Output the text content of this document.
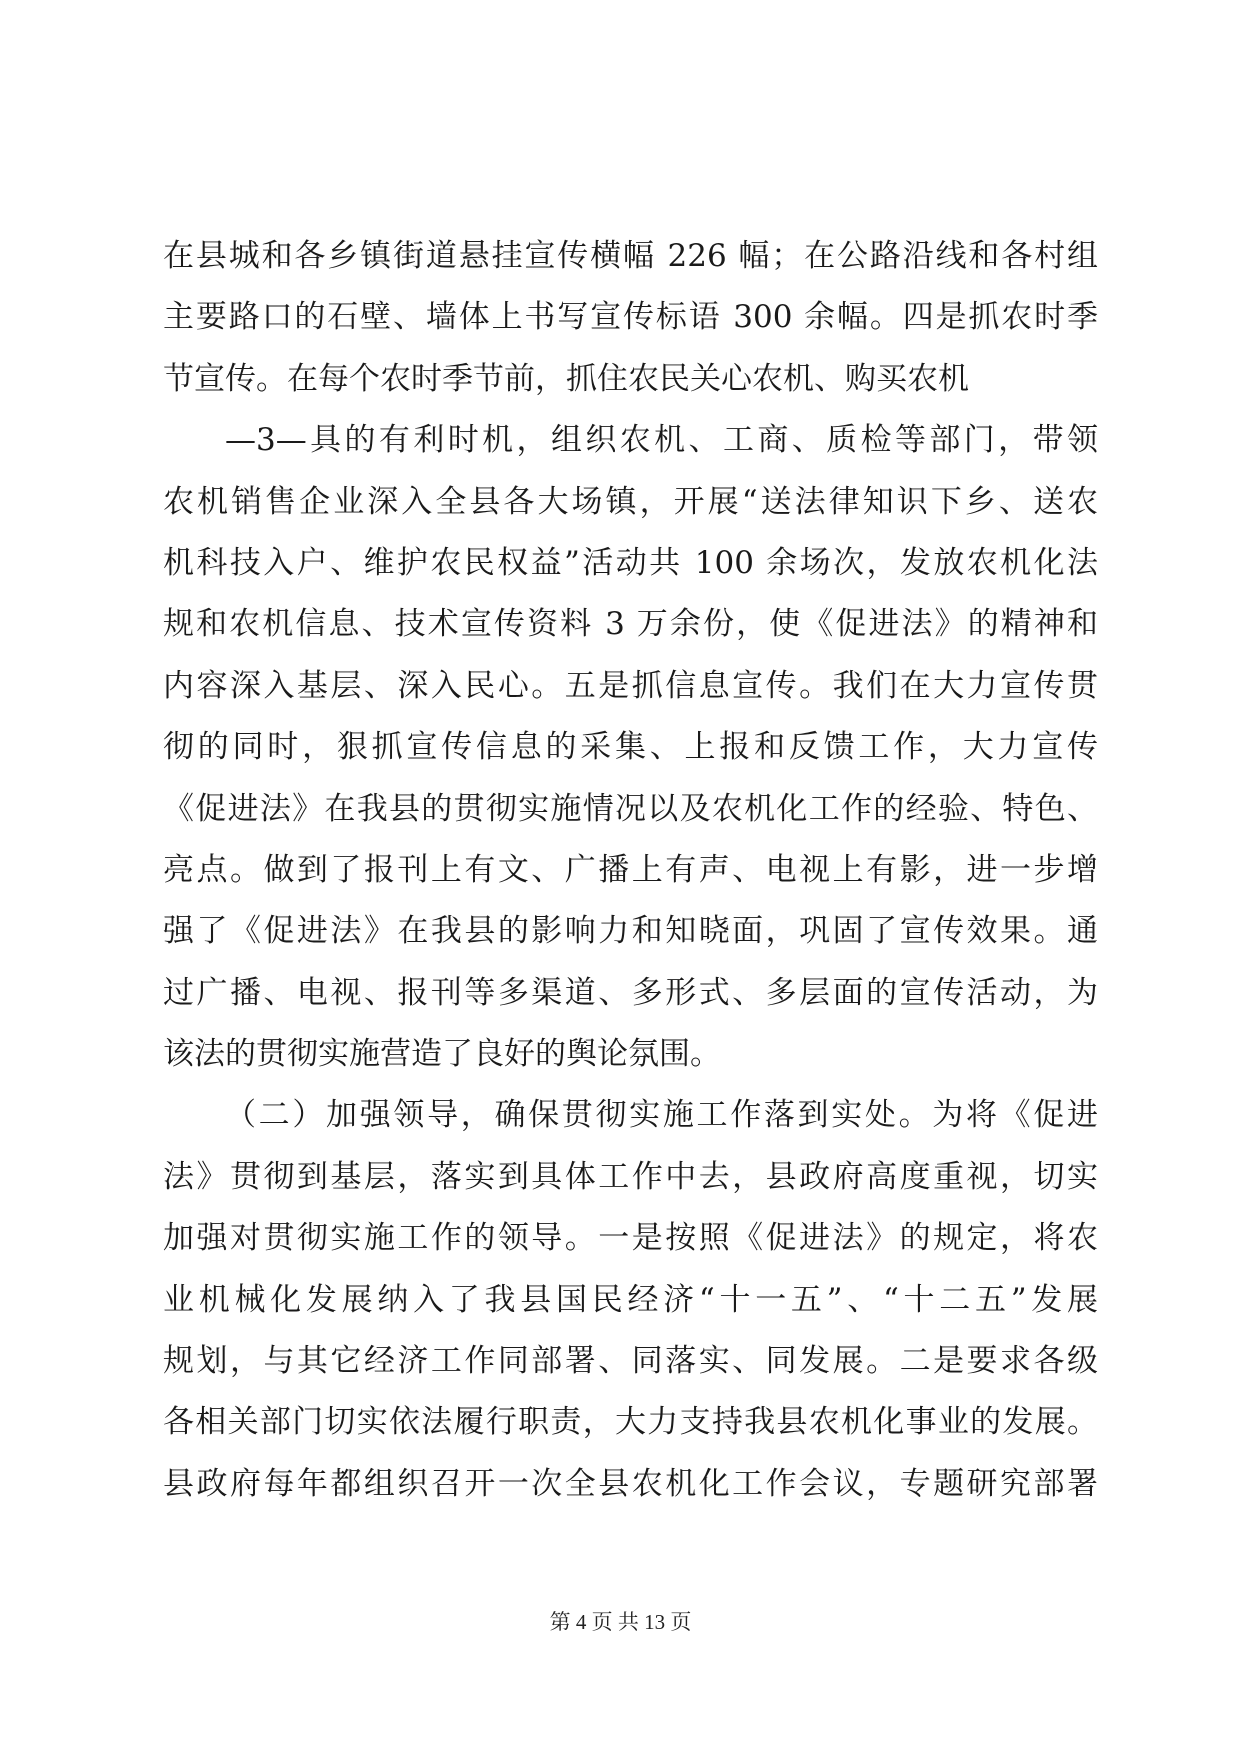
在县城和各乡镇街道悬挂宣传横幅 226 幅；在公路沿线和各村组
主要路口的石壁、墙体上书写宣传标语 300 余幅。四是抓农时季
节宣传。在每个农时季节前，抓住农民关心农机、购买农机
—3—具的有利时机，组织农机、工商、质检等部门，带领
农机销售企业深入全县各大场镇，开展“送法律知识下乡、送农
机科技入户、维护农民权益”活动共 100 余场次，发放农机化法
规和农机信息、技术宣传资料 3 万余份，使《促进法》的精神和
内容深入基层、深入民心。五是抓信息宣传。我们在大力宣传贯
彻的同时，狠抓宣传信息的采集、上报和反馈工作，大力宣传
《促进法》在我县的贯彻实施情况以及农机化工作的经验、特色、
亮点。做到了报刊上有文、广播上有声、电视上有影，进一步增
强了《促进法》在我县的影响力和知晓面，巩固了宣传效果。通
过广播、电视、报刊等多渠道、多形式、多层面的宣传活动，为
该法的贯彻实施营造了良好的舆论氛围。
（二）加强领导，确保贯彻实施工作落到实处。为将《促进
法》贯彻到基层，落实到具体工作中去，县政府高度重视，切实
加强对贯彻实施工作的领导。一是按照《促进法》的规定，将农
业机械化发展纳入了我县国民经济“十一五”、“十二五”发展
规划，与其它经济工作同部署、同落实、同发展。二是要求各级
各相关部门切实依法履行职责，大力支持我县农机化事业的发展。
县政府每年都组织召开一次全县农机化工作会议，专题研究部署
第 4 页 共 13 页
